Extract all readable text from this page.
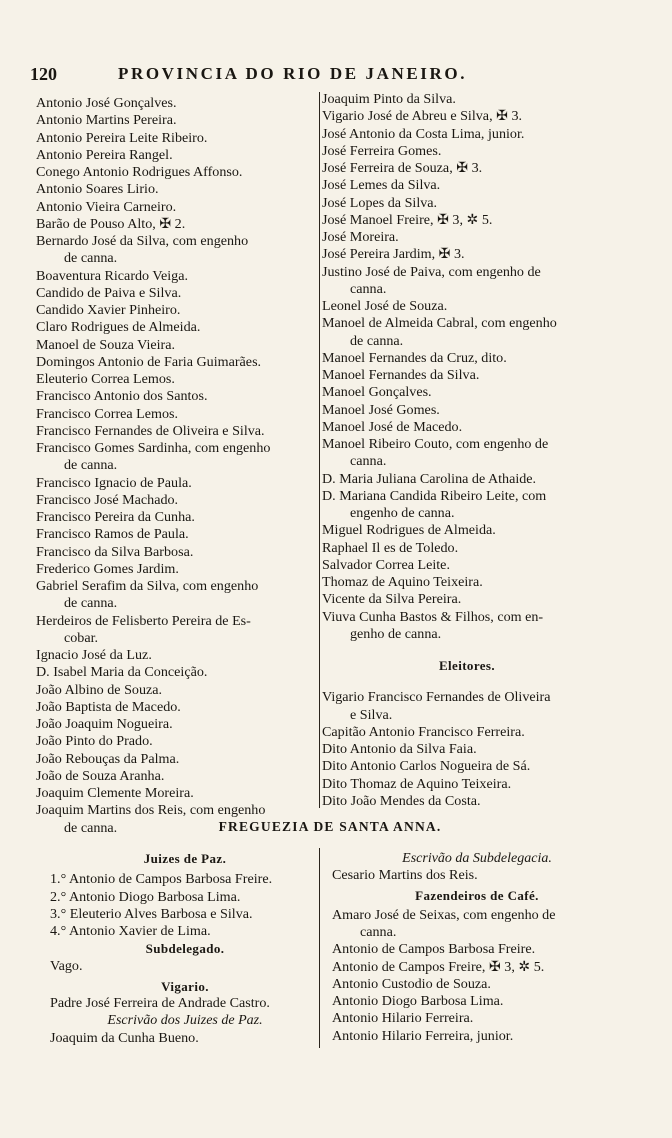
120	PROVINCIA DO RIO DE JANEIRO.
Antonio José Gonçalves.
Antonio Martins Pereira.
Antonio Pereira Leite Ribeiro.
Antonio Pereira Rangel.
Conego Antonio Rodrigues Affonso.
Antonio Soares Lirio.
Antonio Vieira Carneiro.
Barão de Pouso Alto, ✠ 2.
Bernardo José da Silva, com engenho
de canna.
Boaventura Ricardo Veiga.
Candido de Paiva e Silva.
Candido Xavier Pinheiro.
Claro Rodrigues de Almeida.
Manoel de Souza Vieira.
Domingos Antonio de Faria Guimarães.
Eleuterio Correa Lemos.
Francisco Antonio dos Santos.
Francisco Correa Lemos.
Francisco Fernandes de Oliveira e Silva.
Francisco Gomes Sardinha, com engenho
de canna.
Francisco Ignacio de Paula.
Francisco José Machado.
Francisco Pereira da Cunha.
Francisco Ramos de Paula.
Francisco da Silva Barbosa.
Frederico Gomes Jardim.
Gabriel Serafim da Silva, com engenho
de canna.
Herdeiros de Felisberto Pereira de Es-
cobar.
Ignacio José da Luz.
D. Isabel Maria da Conceição.
João Albino de Souza.
João Baptista de Macedo.
João Joaquim Nogueira.
João Pinto do Prado.
João Rebouças da Palma.
João de Souza Aranha.
Joaquim Clemente Moreira.
Joaquim Martins dos Reis, com engenho
de canna.
Joaquim Pinto da Silva.
Vigario José de Abreu e Silva, ✠ 3.
José Antonio da Costa Lima, junior.
José Ferreira Gomes.
José Ferreira de Souza, ✠ 3.
José Lemes da Silva.
José Lopes da Silva.
José Manoel Freire, ✠ 3, ✲ 5.
José Moreira.
José Pereira Jardim, ✠ 3.
Justino José de Paiva, com engenho de
canna.
Leonel José de Souza.
Manoel de Almeida Cabral, com engenho
de canna.
Manoel Fernandes da Cruz, dito.
Manoel Fernandes da Silva.
Manoel Gonçalves.
Manoel José Gomes.
Manoel José de Macedo.
Manoel Ribeiro Couto, com engenho de
canna.
D. Maria Juliana Carolina de Athaide.
D. Mariana Candida Ribeiro Leite, com
engenho de canna.
Miguel Rodrigues de Almeida.
Raphael Il es de Toledo.
Salvador Correa Leite.
Thomaz de Aquino Teixeira.
Vicente da Silva Pereira.
Viuva Cunha Bastos & Filhos, com en-
genho de canna.
Eleitores.
Vigario Francisco Fernandes de Oliveira
e Silva.
Capitão Antonio Francisco Ferreira.
Dito Antonio da Silva Faia.
Dito Antonio Carlos Nogueira de Sá.
Dito Thomaz de Aquino Teixeira.
Dito João Mendes da Costa.
FREGUEZIA DE SANTA ANNA.
Juizes de Paz.
1.° Antonio de Campos Barbosa Freire.
2.° Antonio Diogo Barbosa Lima.
3.° Eleuterio Alves Barbosa e Silva.
4.° Antonio Xavier de Lima.
Subdelegado.
Vago.
Vigario.
Padre José Ferreira de Andrade Castro.
Escrivão dos Juizes de Paz.
Joaquim da Cunha Bueno.
Escrivão da Subdelegacia.
Cesario Martins dos Reis.
Fazendeiros de Café.
Amaro José de Seixas, com engenho de
canna.
Antonio de Campos Barbosa Freire.
Antonio de Campos Freire, ✠ 3, ✲ 5.
Antonio Custodio de Souza.
Antonio Diogo Barbosa Lima.
Antonio Hilario Ferreira.
Antonio Hilario Ferreira, junior.
